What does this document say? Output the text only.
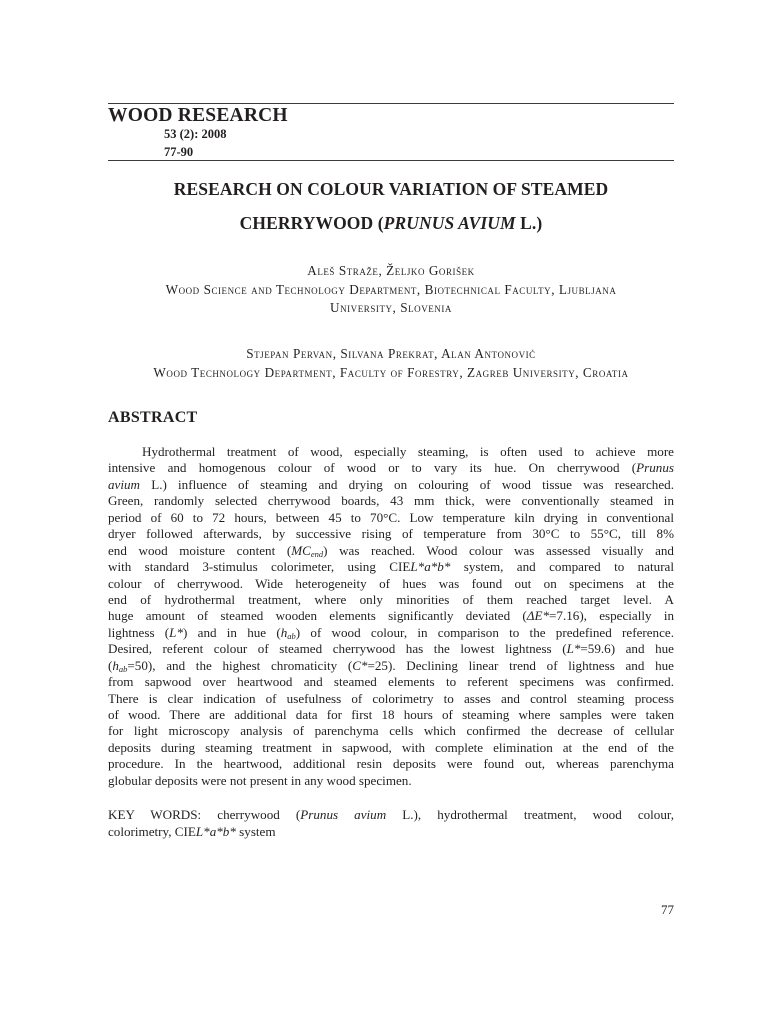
WOOD RESEARCH
53 (2): 2008
77-90
RESEARCH ON COLOUR VARIATION OF STEAMED
CHERRYWOOD (PRUNUS AVIUM L.)
Aleš Straže, Željko Gorišek
Wood Science and Technology Department, Biotechnical Faculty, Ljubljana
University, Slovenia
Stjepan Pervan, Silvana Prekrat, Alan Antonović
Wood Technology Department, Faculty of Forestry, Zagreb University, Croatia
ABSTRACT
Hydrothermal treatment of wood, especially steaming, is often used to achieve more
intensive and homogenous colour of wood or to vary its hue. On cherrywood (Prunus
avium L.) influence of steaming and drying on colouring of wood tissue was researched.
Green, randomly selected cherrywood boards, 43 mm thick, were conventionally steamed in
period of 60 to 72 hours, between 45 to 70°C. Low temperature kiln drying in conventional
dryer followed afterwards, by successive rising of temperature from 30°C to 55°C, till 8%
end wood moisture content $(MC_{end})$ was reached. Wood colour was assessed visually and
with standard 3-stimulus colorimeter, using CIEL*a*b* system, and compared to natural
colour of cherrywood. Wide heterogeneity of hues was found out on specimens at the
end of hydrothermal treatment, where only minorities of them reached target level. A
huge amount of steamed wooden elements significantly deviated (ΔE*=7.16), especially in
lightness (L*) and in hue $(h_{ab})$ of wood colour, in comparison to the predefined reference.
Desired, referent colour of steamed cherrywood has the lowest lightness (L*=59.6) and hue
$(h_{ab}=50)$, and the highest chromaticity (C*=25). Declining linear trend of lightness and hue
from sapwood over heartwood and steamed elements to referent specimens was confirmed.
There is clear indication of usefulness of colorimetry to asses and control steaming process
of wood. There are additional data for first 18 hours of steaming where samples were taken
for light microscopy analysis of parenchyma cells which confirmed the decrease of cellular
deposits during steaming treatment in sapwood, with complete elimination at the end of the
procedure. In the heartwood, additional resin deposits were found out, whereas parenchyma
globular deposits were not present in any wood specimen.
KEY WORDS: cherrywood (Prunus avium L.), hydrothermal treatment, wood colour,
colorimetry, CIEL*a*b* system
77
